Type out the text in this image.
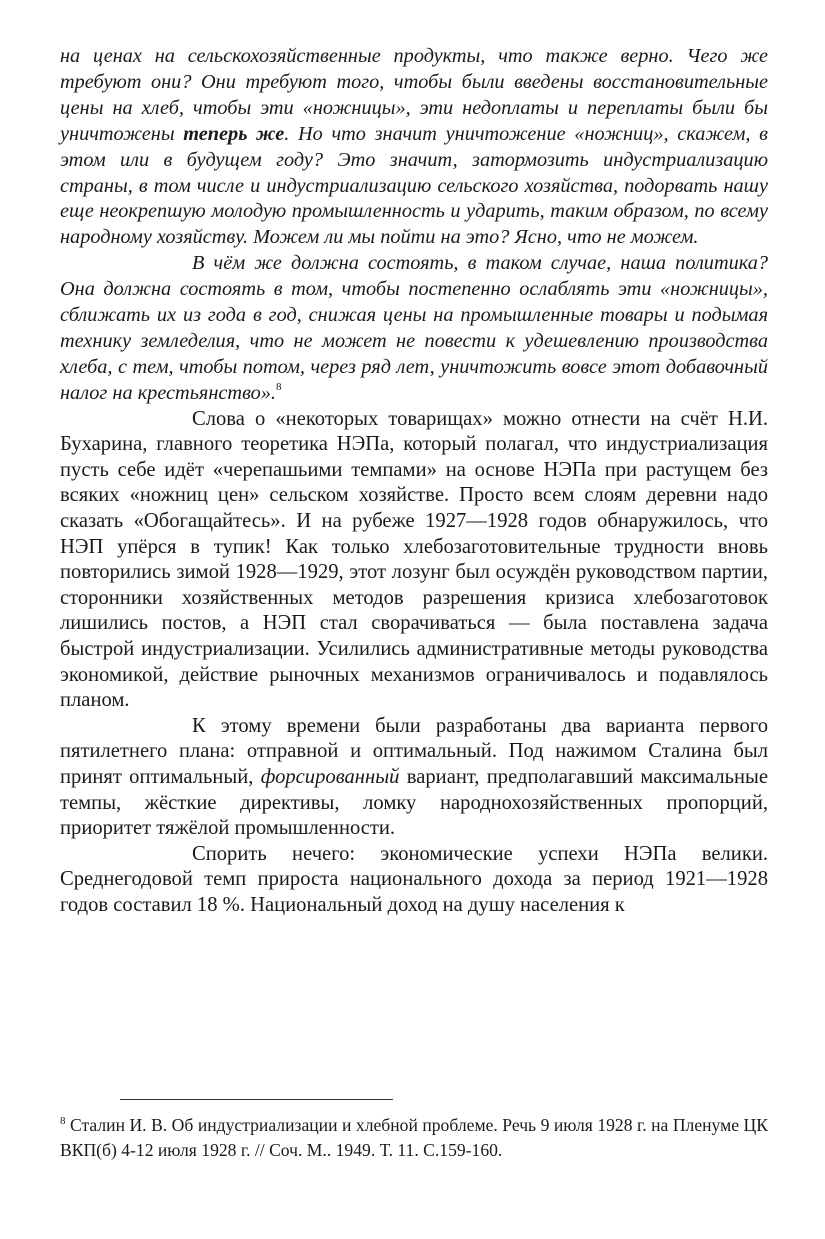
на ценах на сельскохозяйственные продукты, что также верно. Чего же требуют они? Они требуют того, чтобы были введены восстановительные цены на хлеб, чтобы эти «ножницы», эти недоплаты и переплаты были бы уничтожены теперь же. Но что значит уничтожение «ножниц», скажем, в этом или в будущем году? Это значит, затормозить индустриализацию страны, в том числе и индустриализацию сельского хозяйства, подорвать нашу еще неокрепшую молодую промышленность и ударить, таким образом, по всему народному хозяйству. Можем ли мы пойти на это? Ясно, что не можем.

В чём же должна состоять, в таком случае, наша политика? Она должна состоять в том, чтобы постепенно ослаблять эти «ножницы», сближать их из года в год, снижая цены на промышленные товары и подымая технику земледелия, что не может не повести к удешевлению производства хлеба, с тем, чтобы потом, через ряд лет, уничтожить вовсе этот добавочный налог на крестьянство».$^8$

Слова о «некоторых товарищах» можно отнести на счёт Н.И. Бухарина, главного теоретика НЭПа, который полагал, что индустриализация пусть себе идёт «черепашьими темпами» на основе НЭПа при растущем без всяких «ножниц цен» сельском хозяйстве. Просто всем слоям деревни надо сказать «Обогащайтесь». И на рубеже 1927—1928 годов обнаружилось, что НЭП упёрся в тупик! Как только хлебозаготовительные трудности вновь повторились зимой 1928—1929, этот лозунг был осуждён руководством партии, сторонники хозяйственных методов разрешения кризиса хлебозаготовок лишились постов, а НЭП стал сворачиваться — была поставлена задача быстрой индустриализации. Усилились административные методы руководства экономикой, действие рыночных механизмов ограничивалось и подавлялось планом.

К этому времени были разработаны два варианта первого пятилетнего плана: отправной и оптимальный. Под нажимом Сталина был принят оптимальный, форсированный вариант, предполагавший максимальные темпы, жёсткие директивы, ломку народнохозяйственных пропорций, приоритет тяжёлой промышленности.

Спорить нечего: экономические успехи НЭПа велики. Среднегодовой темп прироста национального дохода за период 1921—1928 годов составил 18 %. Национальный доход на душу населения к

$^8$ Сталин И. В. Об индустриализации и хлебной проблеме. Речь 9 июля 1928 г. на Пленуме ЦК ВКП(б) 4-12 июля 1928 г. // Соч. М.. 1949. Т. 11. С.159-160.
